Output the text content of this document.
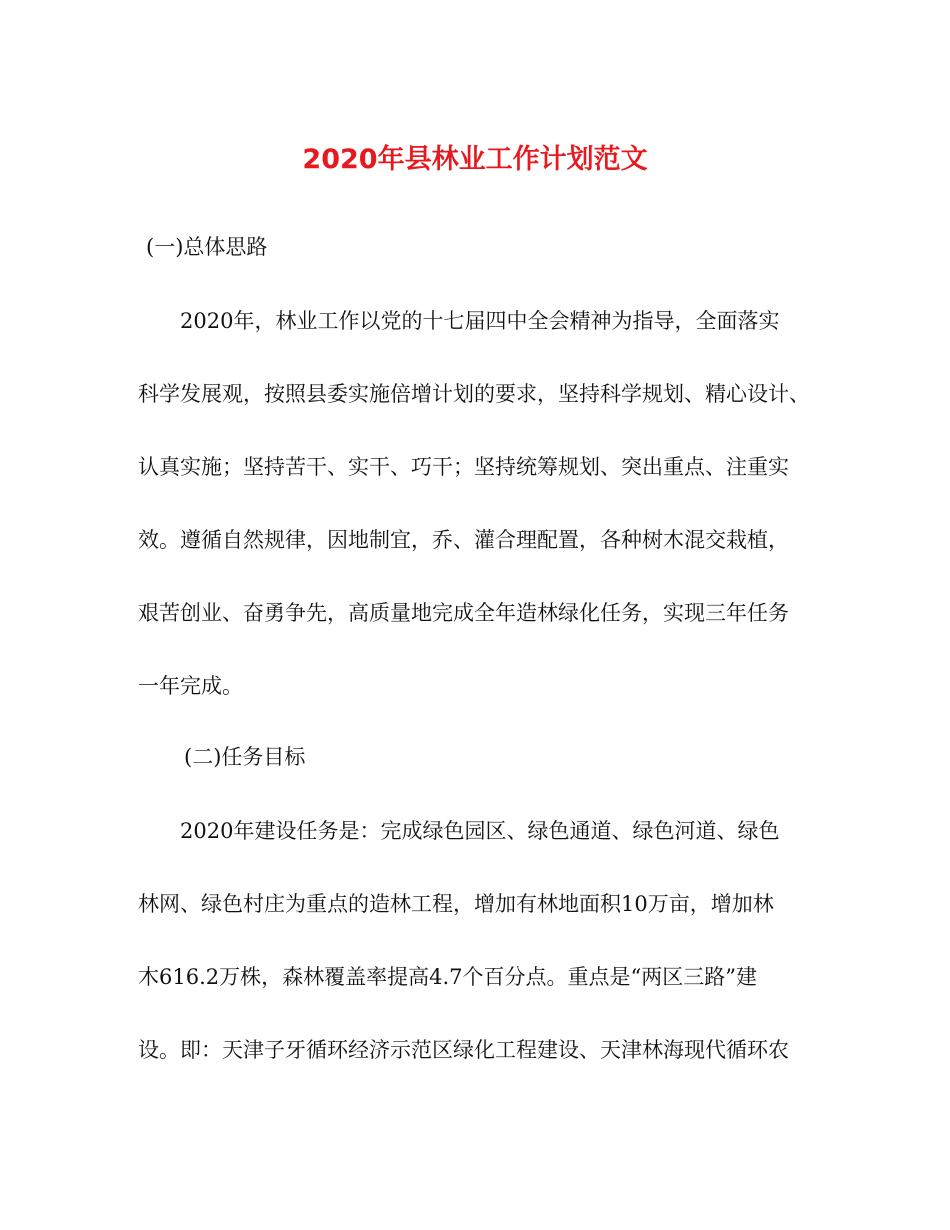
2020年县林业工作计划范文
(一)总体思路
2020年，林业工作以党的十七届四中全会精神为指导，全面落实
科学发展观，按照县委实施倍增计划的要求，坚持科学规划、精心设计、
认真实施；坚持苦干、实干、巧干；坚持统筹规划、突出重点、注重实
效。遵循自然规律，因地制宜，乔、灌合理配置，各种树木混交栽植，
艰苦创业、奋勇争先，高质量地完成全年造林绿化任务，实现三年任务
一年完成。
(二)任务目标
2020年建设任务是：完成绿色园区、绿色通道、绿色河道、绿色
林网、绿色村庄为重点的造林工程，增加有林地面积10万亩，增加林
木616.2万株，森林覆盖率提高4.7个百分点。重点是“两区三路”建
设。即：天津子牙循环经济示范区绿化工程建设、天津林海现代循环农
